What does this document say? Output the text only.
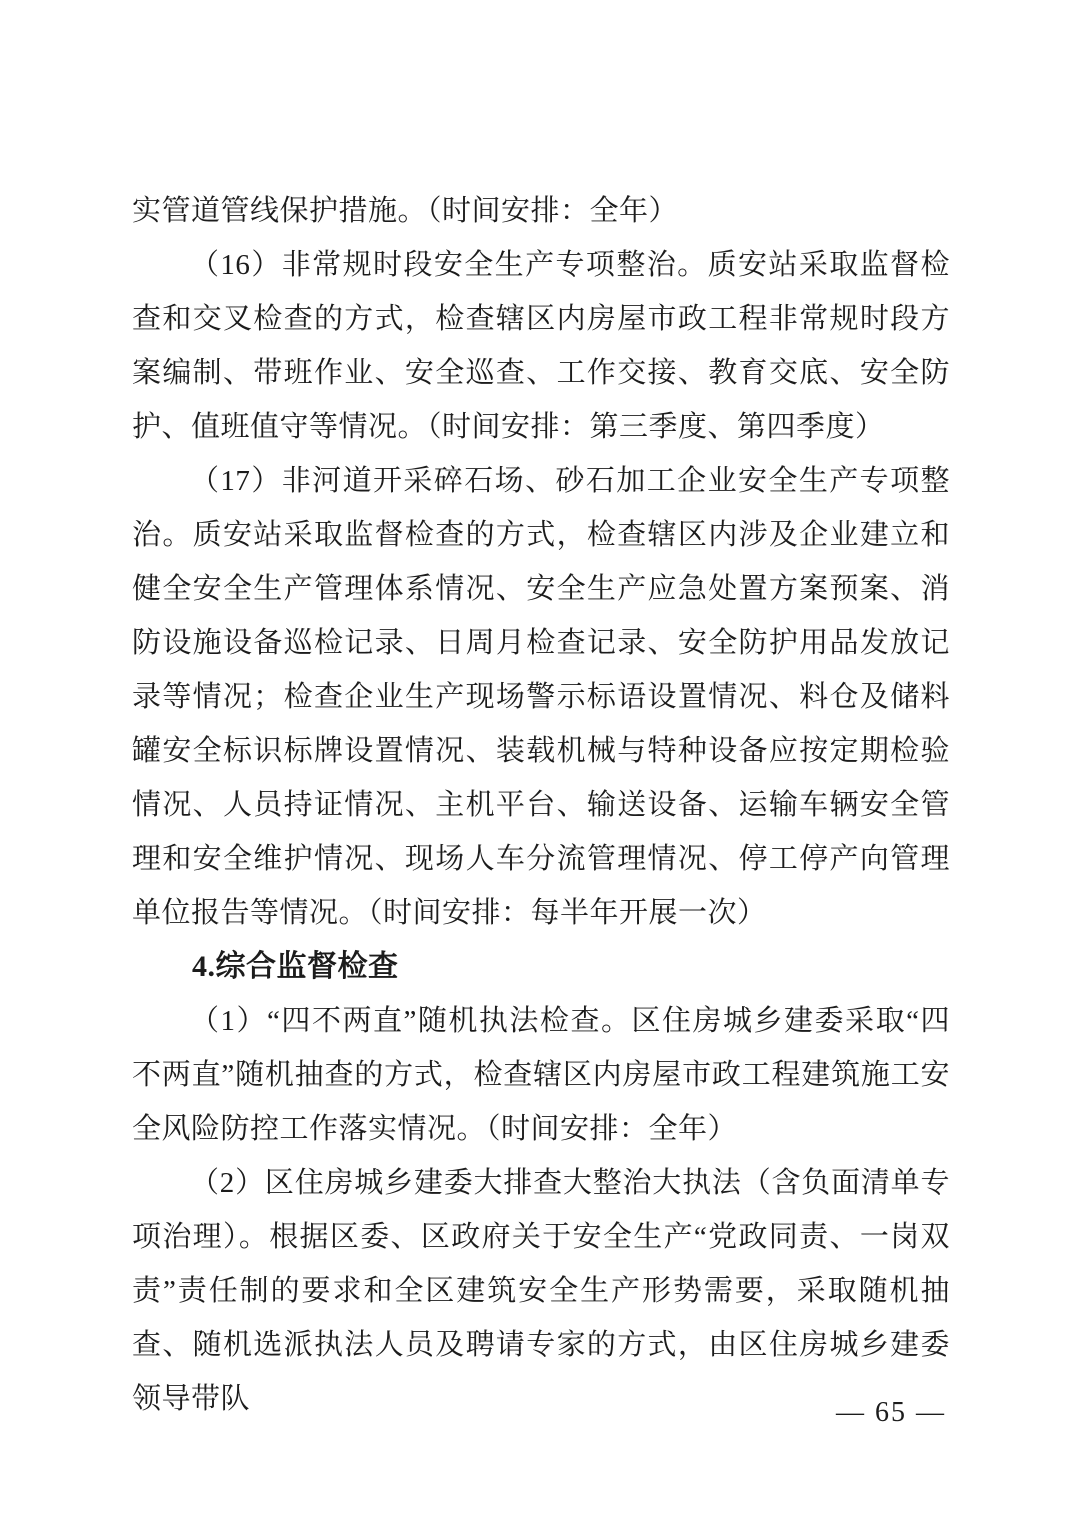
实管道管线保护措施。（时间安排：全年）

（16）非常规时段安全生产专项整治。质安站采取监督检查和交叉检查的方式，检查辖区内房屋市政工程非常规时段方案编制、带班作业、安全巡查、工作交接、教育交底、安全防护、值班值守等情况。（时间安排：第三季度、第四季度）

（17）非河道开采碎石场、砂石加工企业安全生产专项整治。质安站采取监督检查的方式，检查辖区内涉及企业建立和健全安全生产管理体系情况、安全生产应急处置方案预案、消防设施设备巡检记录、日周月检查记录、安全防护用品发放记录等情况；检查企业生产现场警示标语设置情况、料仓及储料罐安全标识标牌设置情况、装载机械与特种设备应按定期检验情况、人员持证情况、主机平台、输送设备、运输车辆安全管理和安全维护情况、现场人车分流管理情况、停工停产向管理单位报告等情况。（时间安排：每半年开展一次）

4.综合监督检查

（1）“四不两直”随机执法检查。区住房城乡建委采取“四不两直”随机抽查的方式，检查辖区内房屋市政工程建筑施工安全风险防控工作落实情况。（时间安排：全年）

（2）区住房城乡建委大排查大整治大执法（含负面清单专项治理）。根据区委、区政府关于安全生产“党政同责、一岗双责”责任制的要求和全区建筑安全生产形势需要，采取随机抽查、随机选派执法人员及聘请专家的方式，由区住房城乡建委领导带队	— 65 —
